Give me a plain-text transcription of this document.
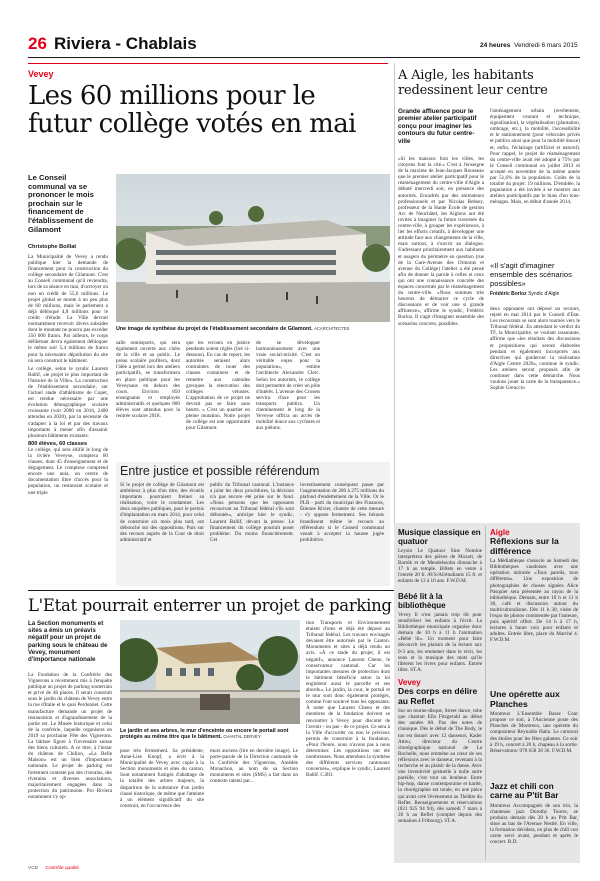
26 Riviera - Chablais	24 heures Vendredi 6 mars 2015
Vevey
Les 60 millions pour le
futur collège votés en mai
Le Conseil communal va se prononcer le mois prochain sur le financement de l'établissement de Gilamont
Christophe Boillat

La Municipalité de Vevey a rendu publique hier la demande de financement pour la construction du collège secondaire de Gilamont. C'est au Conseil communal qu'il reviendra, lors de sa séance en mai, d'octroyer ou non un crédit de 55,6 millions. Le projet global se monte à un peu plus de 60 millions, mais le parlement a déjà débloqué 4,8 millions pour le crédit d'étude. La Ville devrait normalement recevoir divers subsides dont le montant ne pourra pas excéder 350 000 francs. Par ailleurs, le corps délibérant devra également débloquer le même soir 5,4 millions de francs pour la nécessaire dépollution du site où sera construit le bâtiment.

Le collège, selon le syndic Laurent Ballif, «le projet le plus important de l'histoire de la Ville». La construction de l'établissement secondaire, sur l'actuel stade d'athlétisme de Copet, est rendue nécessaire par une évolution démographique scolaire croissante (voir 2000 en 2016, 2400 attendus en 2020), par la nécessité de s'adapter à la loi et par des travaux importants à mener afin d'assainir plusieurs bâtiments existants.

800 élèves, 60 classes

Le collège, qui sera édifié le long de la rivière Veveyse, comptera 60 classes, dont 45 d'enseignement et de dégagement. Le complexe comprend encore une aula, un centre de documentation libre d'accès pour la population, un restaurant scolaire et une triple

Une image de synthèse du projet de l'établissement secondaire de Gilamont. ACARCHITECTES
salle omnisports, qui sera également ouverte aux clubs de la ville et au public. Le préau scolaire profitera, dont l'idée a germé lors des ateliers participatifs, se transformera en place publique pour les Veveysans en dehors des cours. Environ 850 enseignants et employés administratifs et quelques 800 élèves sont attendus pour la rentrée scolaire 2018.
que les recours en justice pendants soient réglés (lire ci-dessous). En cas de report, les autorités seraient alors contraintes de louer des classes containers et de remettre aux calendes grecques la rénovation des collèges vétustes. L'approbation de ce projet ne devrait pas se faire sans heurts. « C'est un quartier en pleine mutation. Notre projet de collège est une opportunité pour Gilamont.
de se développer harmonieusement avec une vraie social-mixité. C'est un véritable enjeu pour la population», estime l'architecte Alexandre Clerc. Selon les autorités, le collège doit permettre de créer un pôle d'intérêt. L'avenue des Crosets servira d'axe pour les transports publics. Un cheminement le long de la Veveyse offrira un accès de mobilité douce aux cyclistes et aux piétons.
Entre justice et possible référendum
Si le projet de collège de Gilamont est ambitieux à plus d'un titre, des écueils importants pourraient freiner sa réalisation, voire le condamner. Les deux enquêtes publiques, pour le permis d'implantation en mars 2014, pour celui de construire six mois plus tard, ont débouché sur des oppositions. Puis sur des recours auprès de la Cour de droit administratif et
public du Tribunal cantonal. L'instance a joint les deux procédures, la décision n'a pas encore été prise sur le fond. «Nous pensons que les opposants recourront au Tribunal fédéral s'ils sont déboutés», anticipe hier le syndic, Laurent Ballif, devant la presse. Le financement du collège pourrait poser problème. Du moins financièrement. Cet
investissement conséquent passe par l'augmentation de 200 à 275 millions du plafond d'endettement de la Ville. Or le PLR - parti du municipal des Finances, Étienne Rivier, chantre de cette mesure - s'y oppose fermement. Ses hérauts brandissent même le recours au référendum si le Conseil communal venait à accepter la hausse jugée prohibitive.
A Aigle, les habitants
redessinent leur centre
Grande affluence pour le premier atelier participatif conçu pour imaginer les contours du futur centre-ville
«Si les maisons font les villes, les citoyens font la cité.» C'est à l'enseigne de la maxime de Jean-Jacques Rousseau que le premier atelier participatif pour le réaménagement du centre-ville d'Aigle a débuté mercredi soir, en présence des autorités. Encadrés par des animateurs professionnels et par Nicolas Rebsey, professeur de la Haute École de gestion Arc de Neuchâtel, les Aiglons ont été invités à imaginer la future traversée du centre-ville, à grouper les expériences, à lier les efforts créatifs, à développer une attitude face aux changements de la ville, mais surtout, à s'ouvrir au dialogue. S'adressant prioritairement aux habitants et usagers du périmètre en question (rue de la Gare-Avenue des Ormonts et avenue du Collège) l'atelier a été pensé afin de donner la parole à celles et ceux qui ont une connaissance concrète des espaces concernés par le réaménagement du centre-ville. «Nous sommes très heureux de démarrer ce cycle de discussions et de voir une si grande affluence», affirme le syndic, Frédéric Borloz. Il s'agit d'imaginer ensemble des scénarios concrets, possibles.
l'aménagement urbain (revêtement, équipement courant et technique, signalisation), la végétalisation (plantation, ombrage, etc.), la mobilité, l'accessibilité et le stationnement (pour véhicules privés et publics ainsi que pour la mobilité douce) et, enfin, l'éclairage (artificiel et naturel). Pour rappel, le projet de réaménagement du centre-ville avait été adopté à 75% par le Conseil communal en juillet 2013 et accepté en novembre de la même année par 51,6% de la population. Coûts de la totalité du projet: 19 millions. D'emblée, la population a été invitée à se montrer aux ateliers participatifs par le biais d'un tous-ménages. Mais, en début d'année 2014,
«Il s'agit d'imaginer ensemble des scénarios possibles»
Frédéric Borloz Syndic d'Aigle
deux opposants ont déposé un recours, rejeté en mai 2014 par le Conseil d'État. Les recourants se sont alors tournés vers le Tribunal fédéral. En attendant le verdict du TF, la Municipalité, se voulant rassurante, affirme que «les résultats des discussions et propositions qui seront élaborées pendant et également incorporés aux directives qui guideront la réalisation d'Aigle Centre 2020», continue le syndic. Les ateliers seront proposés afin de continuer dans cette démarche. Nous voulons jouer la carte de la transparence.» Sophie Greuccio
L'Etat pourrait enterrer un projet de parking
La Section monuments et sites a émis un préavis négatif pour un projet de parking sous le château de Vevey, monument d'importance nationale
La Fondation de la Confrérie des Vignerons a récemment mis à l'enquête publique un projet de parking souterrain et privé de 48 places. Il serait construit sous le jardin du château de Vevey entre la rue d'Italie et le quai Perdonnet. Cette manufacture demande un projet de restauration et d'agrandissement de la partie est. Le Musée historique et celui de la confrérie, laquelle organisera en 2019 sa prochaine Fête des Vignerons. La bâtisse figure à l'inventaire suisse des biens culturels. A ce titre, à l'instar du château de Chillon, «La Belle Maison» est un bien d'importance nationale. Le projet de parking est fortement contesté par des riverains, des riverains et diverses associations, majoritairement engagées dans la protection du patrimoine. Pro Riviera notamment s'y op-
Le jardin et ses arbres, le mur d'enceinte ou encore le portail sont protégés au même titre que le bâtiment. CHANTAL DERVEY
pose très fermement. Sa présidente, Anne-Lise Knopf, a écrit à la Municipalité de Vevey avec copie à la Section monuments et sites du canton. Sont notamment fustigés d'abattage de la totalité des arbres majeurs, la disparition de la substance d'un jardin classé historique, de même que l'atteinte à un élément significatif du site construit, en l'occurrence des
murs anciens (lire en dernière image). Le porte-parole de la Direction cantonale de la Confrérie des Vignerons, Amédée Monachon, au nom de sa Section monuments et sites (SMS) a fait dans un contexte ralenti par...
tion Transports et Environnement étaient d'ores et déjà été déposé au Tribunal fédéral. Les travaux envisagés devaient être autorisés par le Canton. Monuments et sites a déjà rendu un avis. «À ce stade du projet, il est négatif», annonce Laurent Chenu, le conservateur cantonal. Car les importantes mesures de protection dont le bâtiment bénéficie selon la loi englobent aussi le parcelle et ses abords.» Le jardin, la cour, le portail et le mur sont donc également protégés, comme l'ont soulevé tous les opposants. À noter que Laurent Chenu et des membres de la fondation doivent se rencontrer à Vevey pour discuter de l'avenir - ou pas - de ce projet. Ce sera à la Ville d'accorder ou non le précieux permis de construire à la fondation. «Pour l'heure, nous n'avons pas à nous déterminer. Les oppositions ont été nombreuses. Nous attendons la synthèse des différents services cantonaux concernés», explique le syndic, Laurent Ballif. C.BO.
Musique classique en quatuor
Leysin Le Quatuor Sine Nomine interprétera des pièces de Mozart, de Bartók et de Mendelssohn dimanche à 17 h au temple. Billets en vente à l'entrée 20 fr. AVS/AI/étudiants 15 fr. et enfants de 12 à 16 ans. F.W.D.M.
Bébé lit à la bibliothèque
Vevey Il n'est jamais trop tôt pour sensibiliser les enfants à l'écrit. La Bibliothèque municipale organise donc demain de 10 h à 11 h l'animation «Bébé lit». Un moment pour faire découvrir les plaisirs de la lecture aux 0-3 ans, les emmener dans le récit, les sons et la musique des mots qu'ils libèrent les livres pour enfants. Entrée libre. ST.A.
Vevey
Des corps en délire au Reflet
Sur un tourne-disque, Street dance, tube que chantait Ella Fitzgerald au début des années 80. Pas des notes de classique. Dès le début de The Body, le ton est donné: avec 12 danseurs, Kader Attou, directeur du Centre chorégraphique national de La Rochelle, nous emmène au cœur de ses réflexions avec le danseur, revenant à la recherche et au plaisir de la danse. Avec une inventivité gestuelle à nulle autre pareille, c'est tout un bonheur. Entre hip-hop, danse contemporaine et karité, la chorégraphie est totale, en une pièce qui avait créé l'événement au Théâtre du Reflet. Renseignements et réservations (021 925 94 94), dès samedi 7 mars à 20 h au Reflet (complet depuis des semaines à Fribourg). ST.A.
Aigle
Réflexions sur la différence
La Médiathèque s'associe au Samedi des Bibliothèques vaudoises avec une opération intitulée «Tous pareils, tous différents». Une exposition de photographies de choses signées Alice Pasquier sera présentée au rayon de la bibliothèque. Demain, entre 10 h et 11 h 30, café et discussion autour du multiculturalisme. Dès 11 h 30, visite de l'expo de photos commentée par l'auteure, puis apéritif offert. De 14 h à 17 h, lectures à haute voix pour enfants et adultes. Entrée libre, place du Marché 4. F.W.D.M.
Une opérette aux Planches
Montreux L'Ensemble Basse Cour propose ce soir, à l'Ancienne poste des Planches de Montreux, une opérette du compositeur Reynaldo Hahn. Le carnaval des étoiles pour les fêtes galantes. Ce soir à 19 h, concert à 20 h, chapeau à la sortie. Réservations: 078 658 28 36. F.W.D.M.
Jazz et chili con carne au P'tit Bar
Montreux Accompagnés de son trio, la chanteuse jazz Dorothy Tourre, se produira demain dès 20 h au P'tit Bar, situé au bas de l'Avenue Nestlé. En ville, la formation décidera, en plus de chili con carne servi avant, pendant et après le concert. R.D.
VCD Contrôle qualité
